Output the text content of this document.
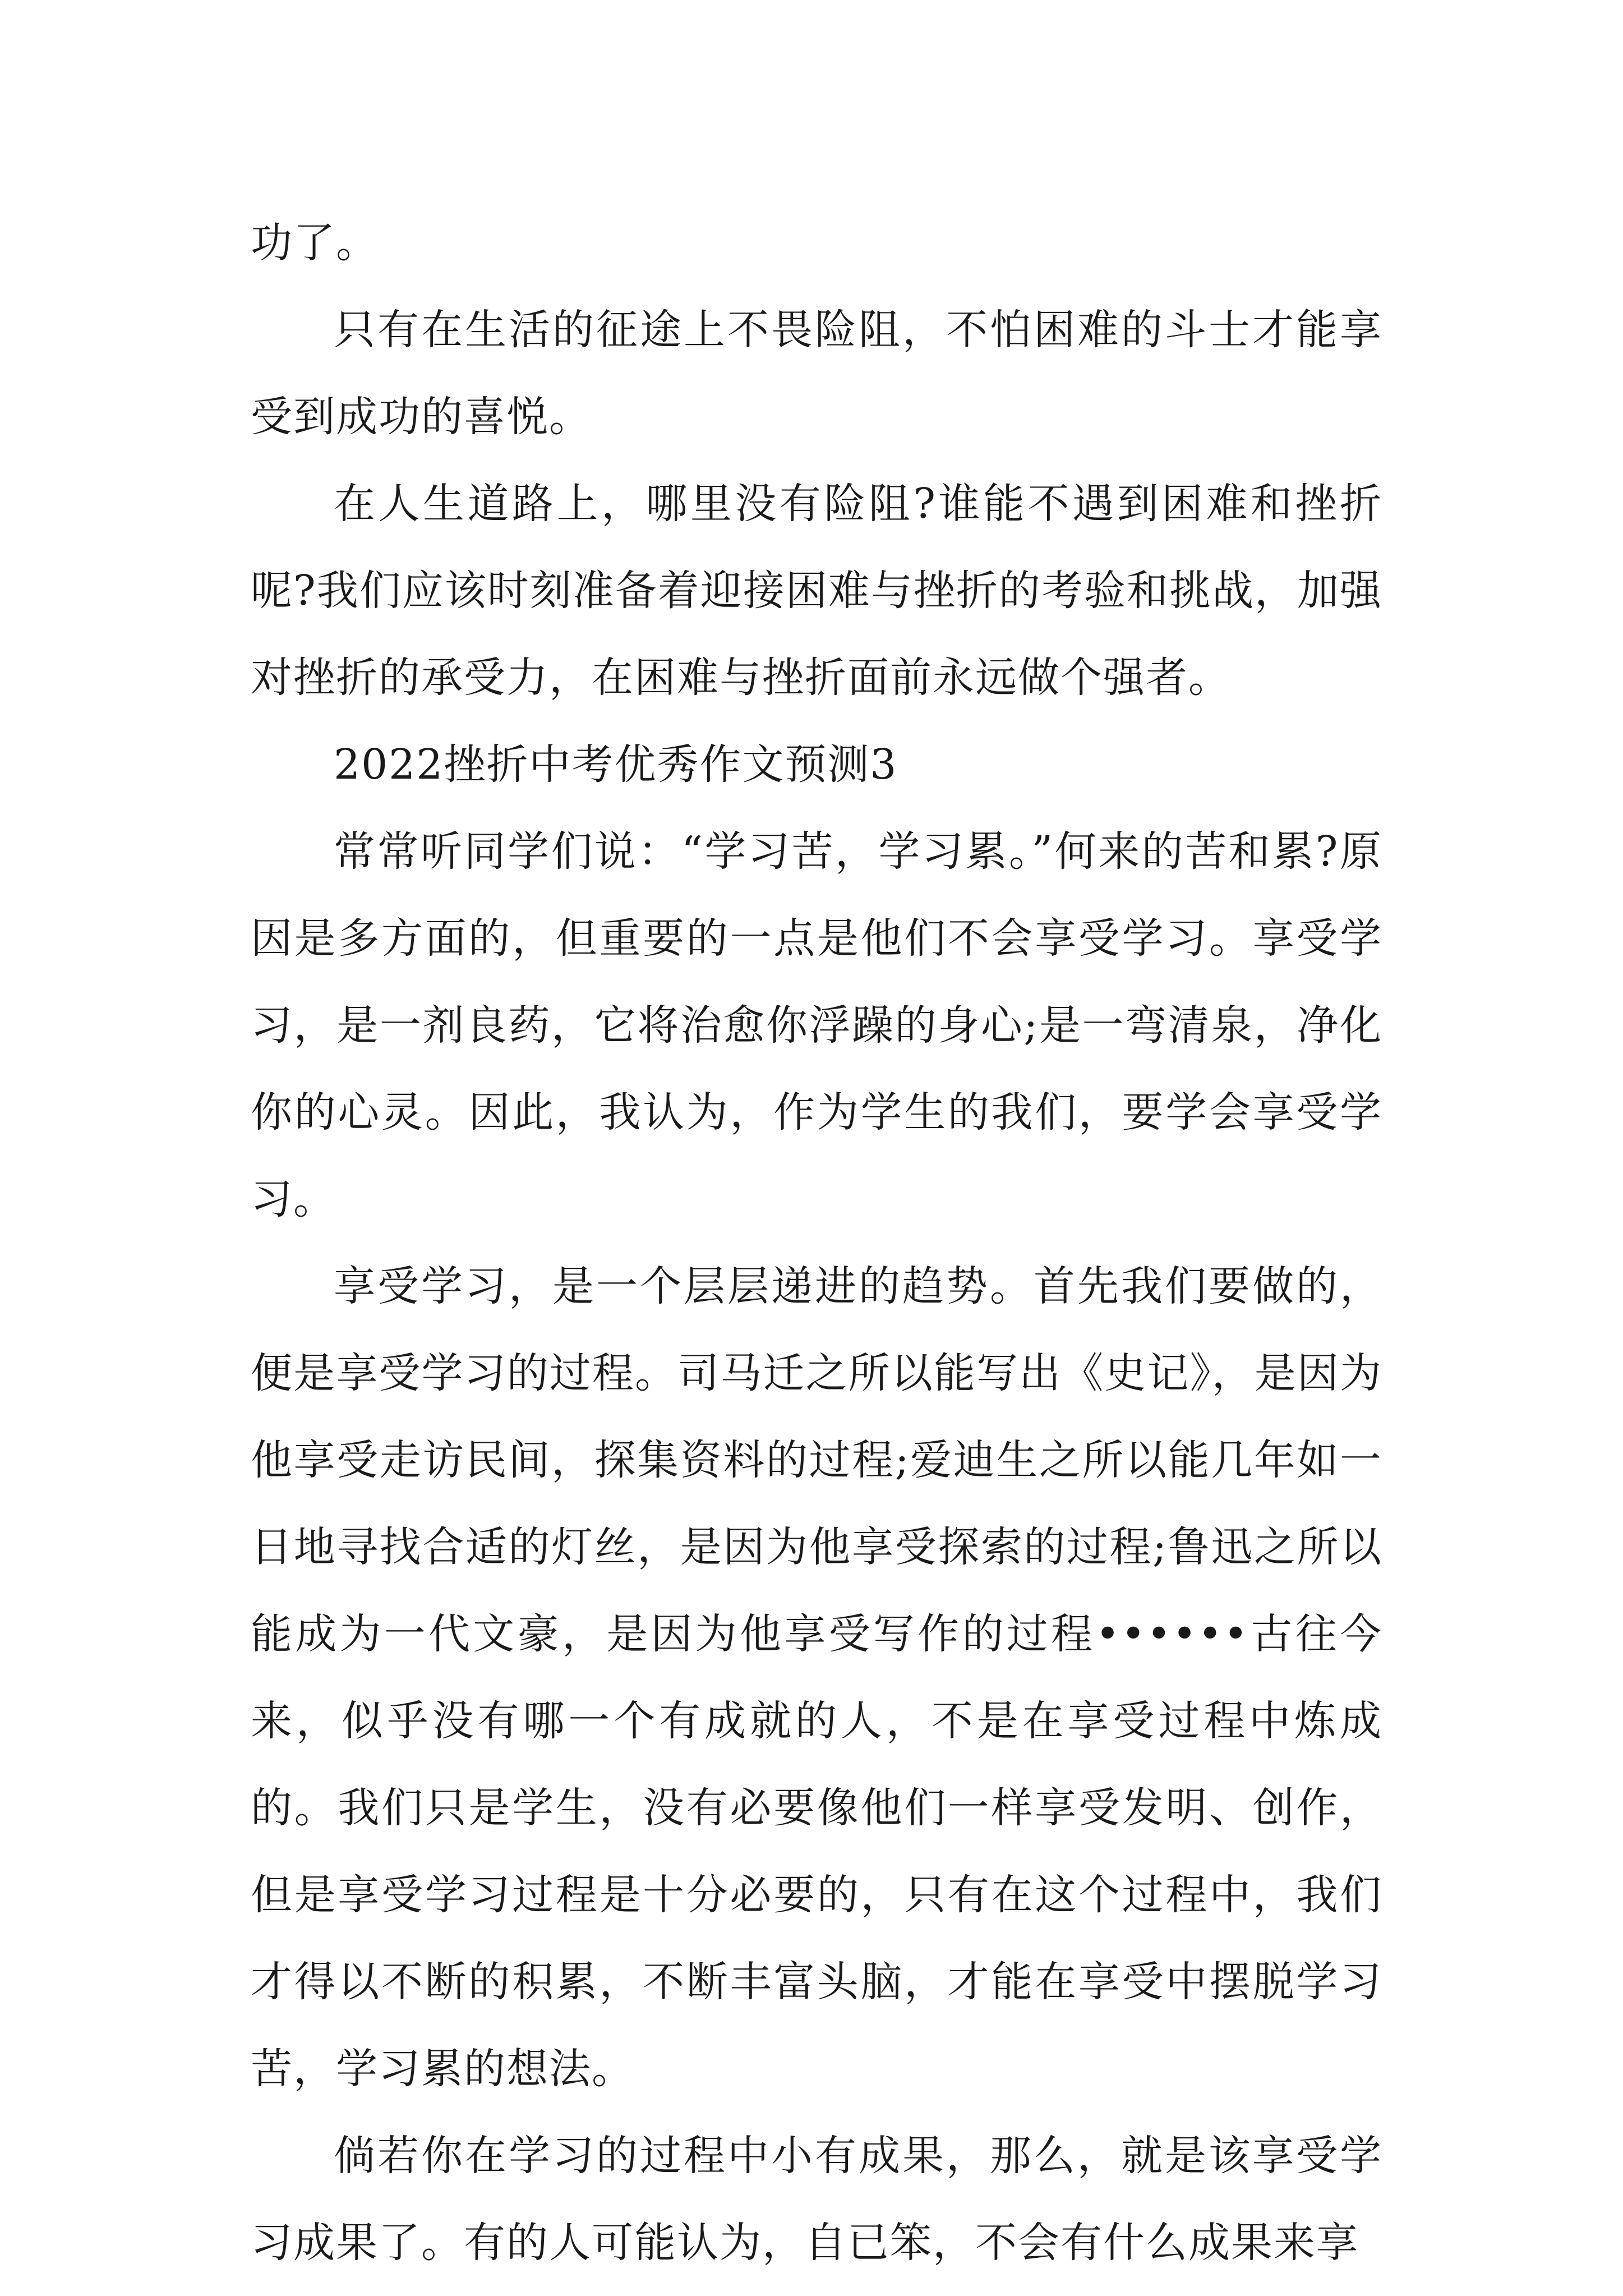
功了。

只有在生活的征途上不畏险阻，不怕困难的斗士才能享受到成功的喜悦。

在人生道路上，哪里没有险阻?谁能不遇到困难和挫折呢?我们应该时刻准备着迎接困难与挫折的考验和挑战，加强对挫折的承受力，在困难与挫折面前永远做个强者。

2022挫折中考优秀作文预测3

常常听同学们说：“学习苦，学习累。”何来的苦和累?原因是多方面的，但重要的一点是他们不会享受学习。享受学习，是一剂良药，它将治愈你浮躁的身心;是一弯清泉，净化你的心灵。因此，我认为，作为学生的我们，要学会享受学习。

享受学习，是一个层层递进的趋势。首先我们要做的，便是享受学习的过程。司马迁之所以能写出《史记》，是因为他享受走访民间，探集资料的过程;爱迪生之所以能几年如一日地寻找合适的灯丝，是因为他享受探索的过程;鲁迅之所以能成为一代文豪，是因为他享受写作的过程••••••古往今来，似乎没有哪一个有成就的人，不是在享受过程中炼成的。我们只是学生，没有必要像他们一样享受发明、创作，但是享受学习过程是十分必要的，只有在这个过程中，我们才得以不断的积累，不断丰富头脑，才能在享受中摆脱学习苦，学习累的想法。

倘若你在学习的过程中小有成果，那么，就是该享受学习成果了。有的人可能认为，自已笨，不会有什么成果来享
